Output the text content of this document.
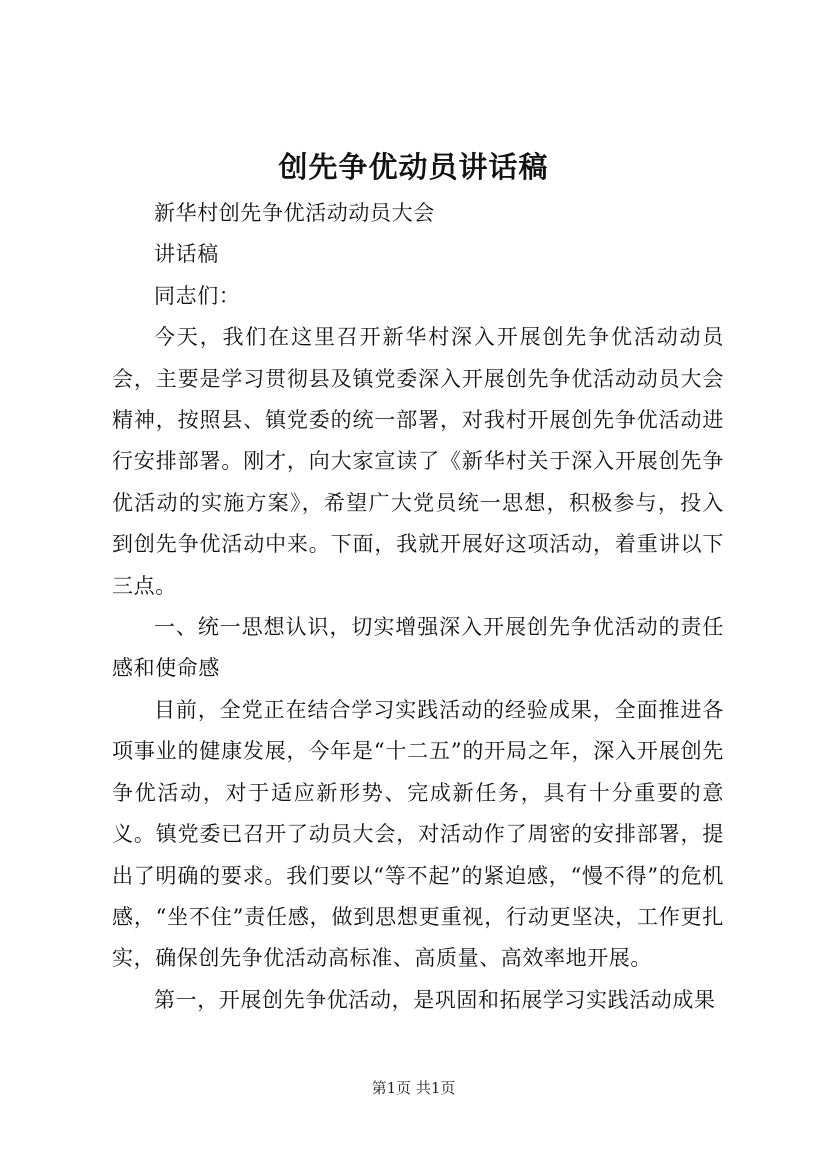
创先争优动员讲话稿

新华村创先争优活动动员大会

讲话稿

同志们：

今天，我们在这里召开新华村深入开展创先争优活动动员会，主要是学习贯彻县及镇党委深入开展创先争优活动动员大会精神，按照县、镇党委的统一部署，对我村开展创先争优活动进行安排部署。刚才，向大家宣读了《新华村关于深入开展创先争优活动的实施方案》，希望广大党员统一思想，积极参与，投入到创先争优活动中来。下面，我就开展好这项活动，着重讲以下三点。

一、统一思想认识，切实增强深入开展创先争优活动的责任感和使命感

目前，全党正在结合学习实践活动的经验成果，全面推进各项事业的健康发展，今年是“十二五”的开局之年，深入开展创先争优活动，对于适应新形势、完成新任务，具有十分重要的意义。镇党委已召开了动员大会，对活动作了周密的安排部署，提出了明确的要求。我们要以“等不起”的紧迫感，“慢不得”的危机感，“坐不住”责任感，做到思想更重视，行动更坚决，工作更扎实，确保创先争优活动高标准、高质量、高效率地开展。

第一，开展创先争优活动，是巩固和拓展学习实践活动成果

第1页 共1页
